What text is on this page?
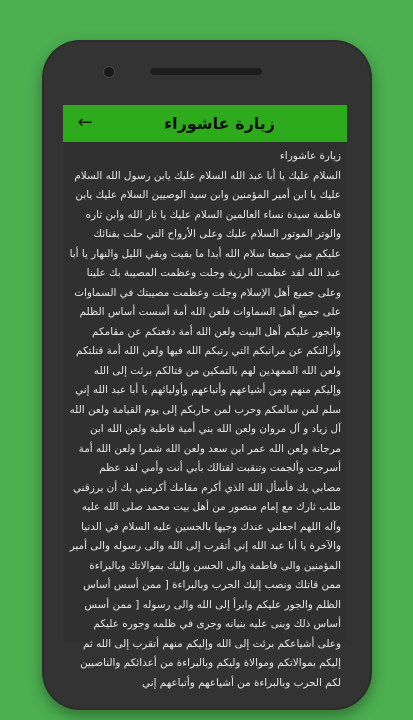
←	زيارة عاشوراء
زيارة عاشوراء
السلام عليك يا أبا عبد الله السلام عليك يابن رسول الله السلام عليك يا ابن أمير المؤمنين وابن سيد الوصيين السلام عليك يابن فاطمة سيدة نساء العالمين السلام عليك يا ثار الله وابن ثاره والوتر الموتور السلام عليك وعلى الأرواح التي حلت بفنائك عليكم مني جميعا سلام الله أبدا ما بقيت وبقي الليل والنهار يا أبا عبد الله لقد عظمت الرزية وجلت وعظمت المصيبة بك علينا وعلى جميع أهل الإسلام وجلت وعظمت مصيبتك في السماوات على جميع أهل السماوات فلعن الله أمة أسست أساس الظلم والجور عليكم أهل البيت ولعن الله أمة دفعتكم عن مقامكم وأزالتكم عن مراتبكم التي رتبكم الله فيها ولعن الله أمة قتلتكم ولعن الله الممهدين لهم بالتمكين من قتالكم برئت إلى الله وإليكم منهم ومن أشياعهم وأتباعهم وأوليائهم يا أبا عبد الله إني سلم لمن سالمكم وحرب لمن حاربكم إلى يوم القيامة ولعن الله آل زياد و آل مروان ولعن الله بني أمية قاطبة ولعن الله ابن مرجانة ولعن الله عمر ابن سعد ولعن الله شمرا ولعن الله أمة أسرجت وألجمت وتنقبت لقتالك بأبي أنت وأمي لقد عظم مصابي بك فأسأل الله الذي أكرم مقامك أكرمني بك أن يرزقني طلب ثارك مع إمام منصور من أهل بيت محمد صلى الله عليه وآله اللهم اجعلني عندك وجيها بالحسين عليه السلام في الدنيا والآخرة يا أبا عبد الله إني أتقرب إلى الله والى رسوله والى أمير المؤمنين والى فاطمة والى الحسن وإليك بموالاتك وبالبراءة ممن قاتلك ونصب إليك الحرب وبالبراءة [ ممن أسس أساس الظلم والجور عليكم وابرأ إلى الله والى رسوله [ ممن أسس أساس ذلك وبنى عليه بنيانه وجرى في ظلمه وجوره عليكم وعلى أشياعكم برئت إلى الله وإليكم منهم أتقرب إلى الله ثم إليكم بموالاتكم وموالاة وليكم وبالبراءة من أعدائكم والناصبين لكم الحرب وبالبراءة من أشياعهم وأتباعهم إني
